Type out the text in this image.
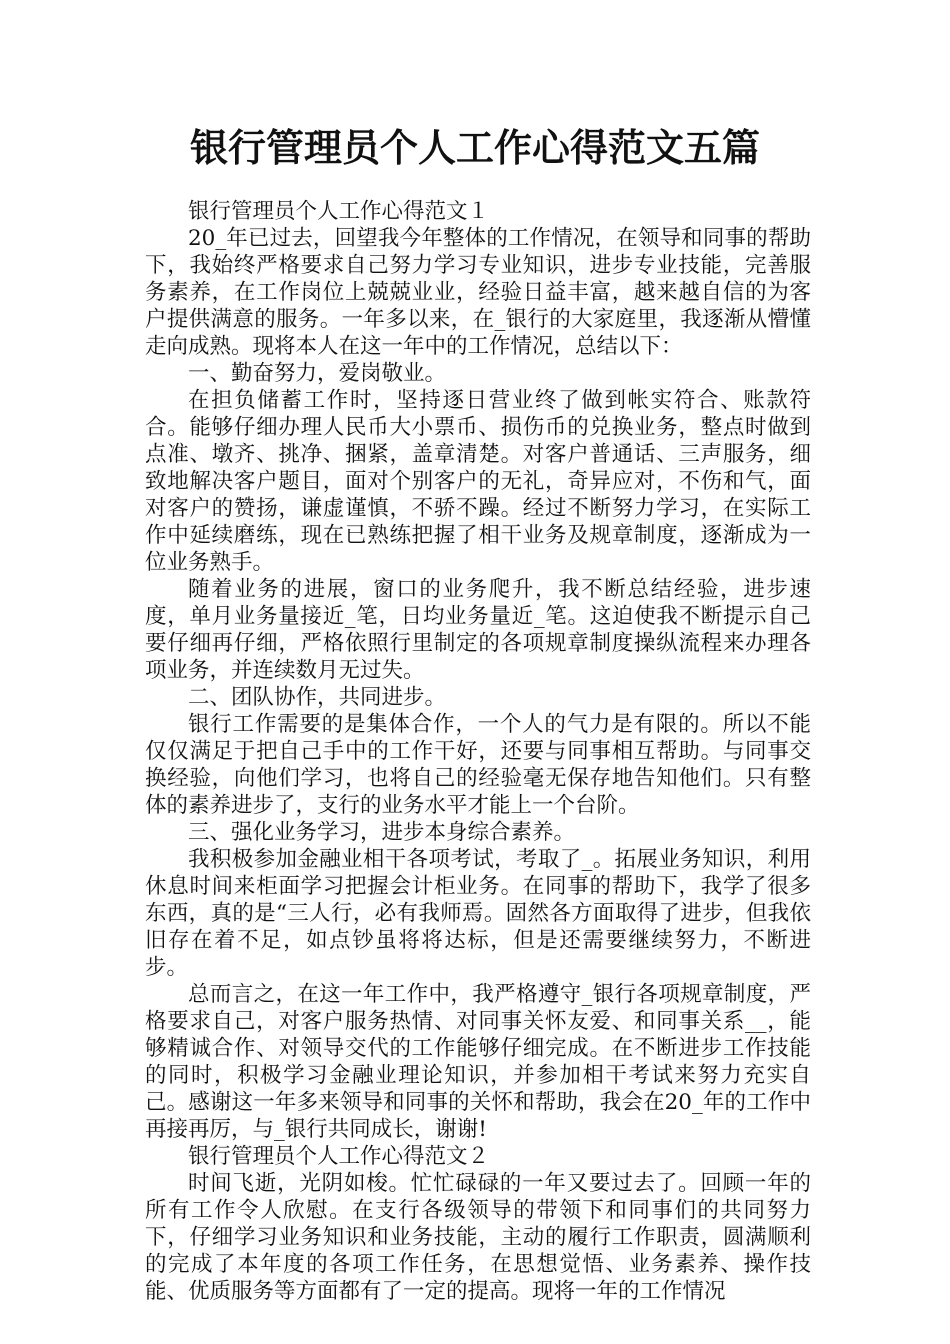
银行管理员个人工作心得范文五篇

银行管理员个人工作心得范文１

20_年已过去，回望我今年整体的工作情况，在领导和同事的帮助下，我始终严格要求自己努力学习专业知识，进步专业技能，完善服务素养，在工作岗位上兢兢业业，经验日益丰富，越来越自信的为客户提供满意的服务。一年多以来，在_银行的大家庭里，我逐渐从懵懂走向成熟。现将本人在这一年中的工作情况，总结以下：

一、勤奋努力，爱岗敬业。

在担负储蓄工作时，坚持逐日营业终了做到帐实符合、账款符合。能够仔细办理人民币大小票币、损伤币的兑换业务，整点时做到点准、墩齐、挑净、捆紧，盖章清楚。对客户普通话、三声服务，细致地解决客户题目，面对个别客户的无礼，奇异应对，不伤和气，面对客户的赞扬，谦虚谨慎，不骄不躁。经过不断努力学习，在实际工作中延续磨练，现在已熟练把握了相干业务及规章制度，逐渐成为一位业务熟手。

随着业务的进展，窗口的业务爬升，我不断总结经验，进步速度，单月业务量接近_笔，日均业务量近_笔。这迫使我不断提示自己要仔细再仔细，严格依照行里制定的各项规章制度操纵流程来办理各项业务，并连续数月无过失。

二、团队协作，共同进步。

银行工作需要的是集体合作，一个人的气力是有限的。所以不能仅仅满足于把自己手中的工作干好，还要与同事相互帮助。与同事交换经验，向他们学习，也将自己的经验毫无保存地告知他们。只有整体的素养进步了，支行的业务水平才能上一个台阶。

三、强化业务学习，进步本身综合素养。

我积极参加金融业相干各项考试，考取了_。拓展业务知识，利用休息时间来柜面学习把握会计柜业务。在同事的帮助下，我学了很多东西，真的是“三人行，必有我师焉。固然各方面取得了进步，但我依旧存在着不足，如点钞虽将将达标，但是还需要继续努力，不断进步。

总而言之，在这一年工作中，我严格遵守_银行各项规章制度，严格要求自己，对客户服务热情、对同事关怀友爱、和同事关系__，能够精诚合作、对领导交代的工作能够仔细完成。在不断进步工作技能的同时，积极学习金融业理论知识，并参加相干考试来努力充实自己。感谢这一年多来领导和同事的关怀和帮助，我会在20_年的工作中再接再厉，与_银行共同成长，谢谢!

银行管理员个人工作心得范文２

时间飞逝，光阴如梭。忙忙碌碌的一年又要过去了。回顾一年的所有工作令人欣慰。在支行各级领导的带领下和同事们的共同努力下，仔细学习业务知识和业务技能，主动的履行工作职责，圆满顺利的完成了本年度的各项工作任务，在思想觉悟、业务素养、操作技能、优质服务等方面都有了一定的提高。现将一年的工作情况
